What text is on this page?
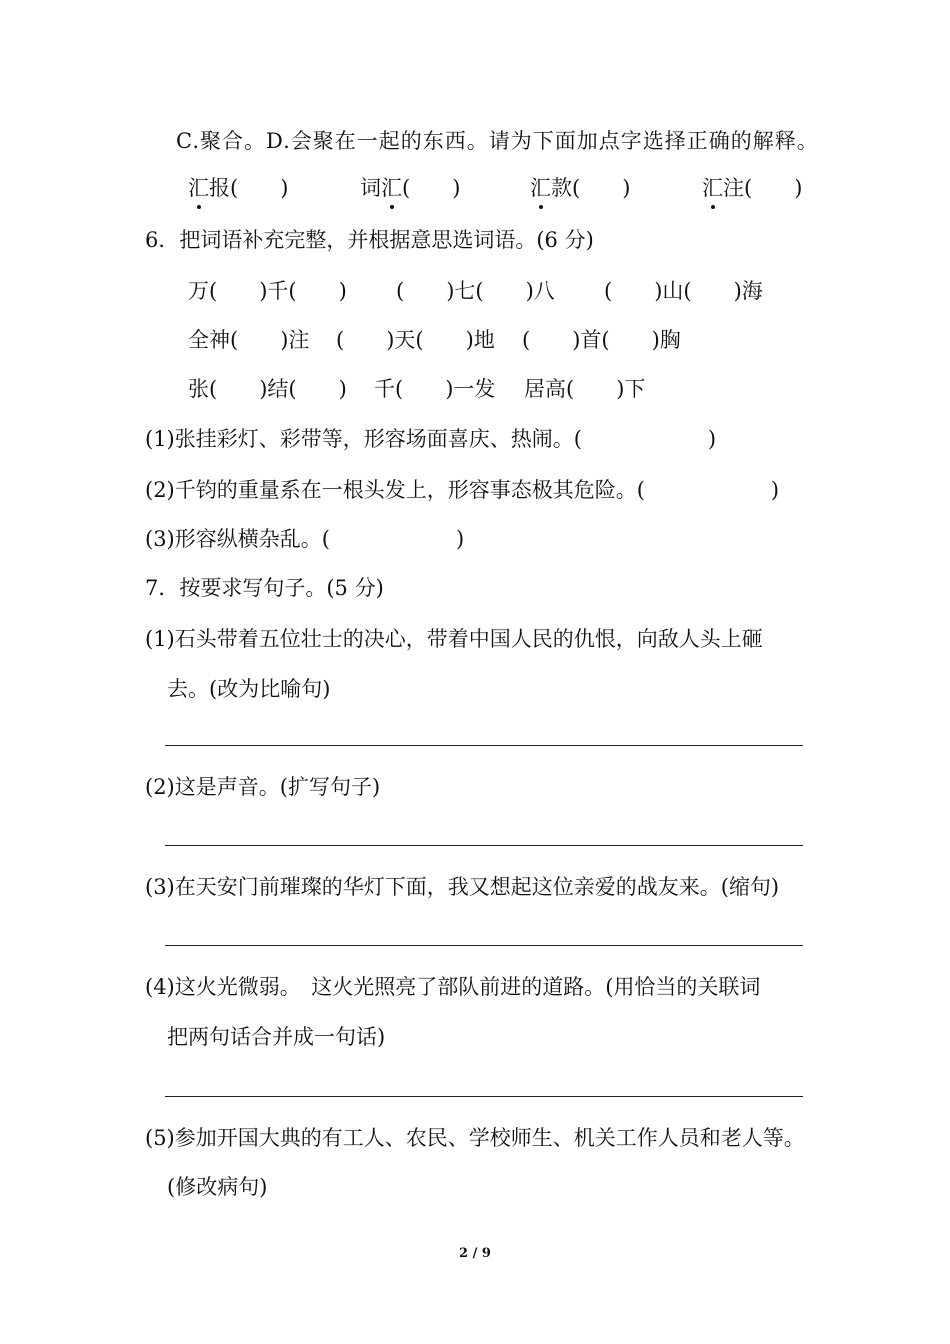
C.聚合。D.会聚在一起的东西。请为下面加点字选择正确的解释。
汇报(　　)	词汇(　　)	汇款(　　)	汇注(　　)
6．把词语补充完整，并根据意思选词语。(6 分)
万(　　)千(　　) (　　)七(　　)八 (　　)山(　　)海
全神(　　)注 (　　)天(　　)地 (　　)首(　　)胸
张(　　)结(　　) 千(　　)一发 居高(　　)下
(1)张挂彩灯、彩带等，形容场面喜庆、热闹。(　　　　　　)
(2)千钧的重量系在一根头发上，形容事态极其危险。(　　　　　　)
(3)形容纵横杂乱。(　　　　　　)
7．按要求写句子。(5 分)
(1)石头带着五位壮士的决心，带着中国人民的仇恨，向敌人头上砸
去。(改为比喻句)
(2)这是声音。(扩写句子)
(3)在天安门前璀璨的华灯下面，我又想起这位亲爱的战友来。(缩句)
(4)这火光微弱。　这火光照亮了部队前进的道路。(用恰当的关联词
把两句话合并成一句话)
(5)参加开国大典的有工人、农民、学校师生、机关工作人员和老人等。
(修改病句)
2 / 9
